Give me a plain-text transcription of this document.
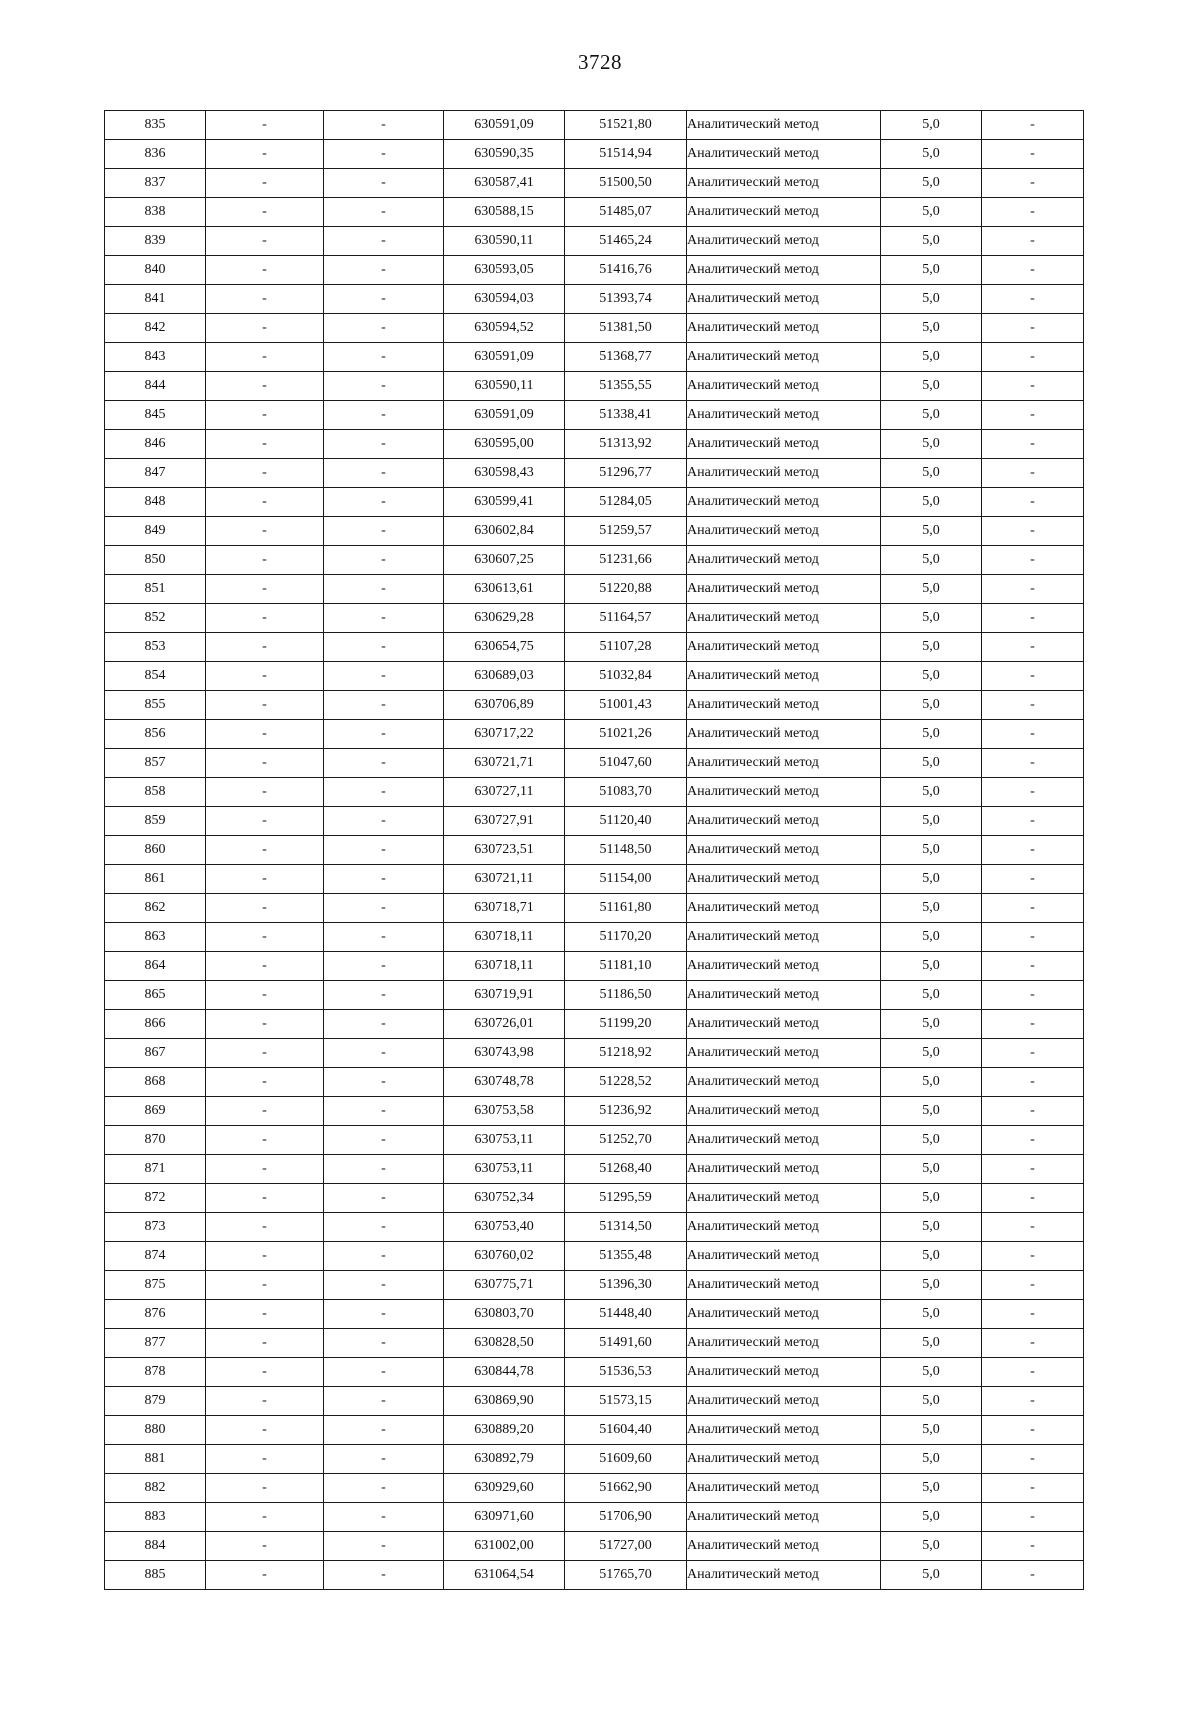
3728
835	-	-	630591,09	51521,80	Аналитический метод	5,0	-
836	-	-	630590,35	51514,94	Аналитический метод	5,0	-
837	-	-	630587,41	51500,50	Аналитический метод	5,0	-
838	-	-	630588,15	51485,07	Аналитический метод	5,0	-
839	-	-	630590,11	51465,24	Аналитический метод	5,0	-
840	-	-	630593,05	51416,76	Аналитический метод	5,0	-
841	-	-	630594,03	51393,74	Аналитический метод	5,0	-
842	-	-	630594,52	51381,50	Аналитический метод	5,0	-
843	-	-	630591,09	51368,77	Аналитический метод	5,0	-
844	-	-	630590,11	51355,55	Аналитический метод	5,0	-
845	-	-	630591,09	51338,41	Аналитический метод	5,0	-
846	-	-	630595,00	51313,92	Аналитический метод	5,0	-
847	-	-	630598,43	51296,77	Аналитический метод	5,0	-
848	-	-	630599,41	51284,05	Аналитический метод	5,0	-
849	-	-	630602,84	51259,57	Аналитический метод	5,0	-
850	-	-	630607,25	51231,66	Аналитический метод	5,0	-
851	-	-	630613,61	51220,88	Аналитический метод	5,0	-
852	-	-	630629,28	51164,57	Аналитический метод	5,0	-
853	-	-	630654,75	51107,28	Аналитический метод	5,0	-
854	-	-	630689,03	51032,84	Аналитический метод	5,0	-
855	-	-	630706,89	51001,43	Аналитический метод	5,0	-
856	-	-	630717,22	51021,26	Аналитический метод	5,0	-
857	-	-	630721,71	51047,60	Аналитический метод	5,0	-
858	-	-	630727,11	51083,70	Аналитический метод	5,0	-
859	-	-	630727,91	51120,40	Аналитический метод	5,0	-
860	-	-	630723,51	51148,50	Аналитический метод	5,0	-
861	-	-	630721,11	51154,00	Аналитический метод	5,0	-
862	-	-	630718,71	51161,80	Аналитический метод	5,0	-
863	-	-	630718,11	51170,20	Аналитический метод	5,0	-
864	-	-	630718,11	51181,10	Аналитический метод	5,0	-
865	-	-	630719,91	51186,50	Аналитический метод	5,0	-
866	-	-	630726,01	51199,20	Аналитический метод	5,0	-
867	-	-	630743,98	51218,92	Аналитический метод	5,0	-
868	-	-	630748,78	51228,52	Аналитический метод	5,0	-
869	-	-	630753,58	51236,92	Аналитический метод	5,0	-
870	-	-	630753,11	51252,70	Аналитический метод	5,0	-
871	-	-	630753,11	51268,40	Аналитический метод	5,0	-
872	-	-	630752,34	51295,59	Аналитический метод	5,0	-
873	-	-	630753,40	51314,50	Аналитический метод	5,0	-
874	-	-	630760,02	51355,48	Аналитический метод	5,0	-
875	-	-	630775,71	51396,30	Аналитический метод	5,0	-
876	-	-	630803,70	51448,40	Аналитический метод	5,0	-
877	-	-	630828,50	51491,60	Аналитический метод	5,0	-
878	-	-	630844,78	51536,53	Аналитический метод	5,0	-
879	-	-	630869,90	51573,15	Аналитический метод	5,0	-
880	-	-	630889,20	51604,40	Аналитический метод	5,0	-
881	-	-	630892,79	51609,60	Аналитический метод	5,0	-
882	-	-	630929,60	51662,90	Аналитический метод	5,0	-
883	-	-	630971,60	51706,90	Аналитический метод	5,0	-
884	-	-	631002,00	51727,00	Аналитический метод	5,0	-
885	-	-	631064,54	51765,70	Аналитический метод	5,0	-
